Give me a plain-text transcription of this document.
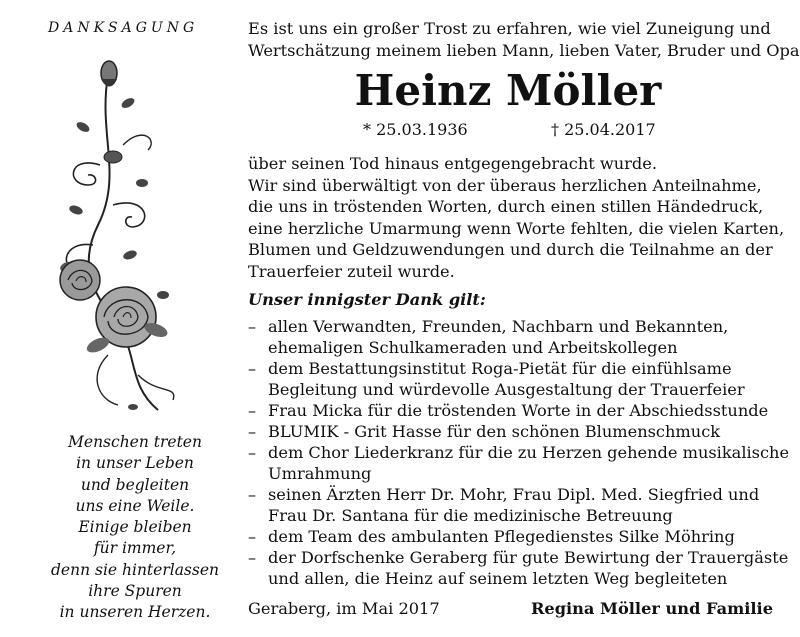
DANKSAGUNG
Menschen treten
in unser Leben
und begleiten
uns eine Weile.
Einige bleiben
für immer,
denn sie hinterlassen
ihre Spuren
in unseren Herzen.
Es ist uns ein großer Trost zu erfahren, wie viel Zuneigung und
Wertschätzung meinem lieben Mann, lieben Vater, Bruder und Opa
Heinz Möller
* 25.03.1936	† 25.04.2017
über seinen Tod hinaus entgegengebracht wurde.
Wir sind überwältigt von der überaus herzlichen Anteilnahme,
die uns in tröstenden Worten, durch einen stillen Händedruck,
eine herzliche Umarmung wenn Worte fehlten, die vielen Karten,
Blumen und Geldzuwendungen und durch die Teilnahme an der
Trauerfeier zuteil wurde.
Unser innigster Dank gilt:
– allen Verwandten, Freunden, Nachbarn und Bekannten,
ehemaligen Schulkameraden und Arbeitskollegen
– dem Bestattungsinstitut Roga-Pietät für die einfühlsame
Begleitung und würdevolle Ausgestaltung der Trauerfeier
– Frau Micka für die tröstenden Worte in der Abschiedsstunde
– BLUMIK - Grit Hasse für den schönen Blumenschmuck
– dem Chor Liederkranz für die zu Herzen gehende musikalische
Umrahmung
– seinen Ärzten Herr Dr. Mohr, Frau Dipl. Med. Siegfried und
Frau Dr. Santana für die medizinische Betreuung
– dem Team des ambulanten Pflegedienstes Silke Möhring
– der Dorfschenke Geraberg für gute Bewirtung der Trauergäste
und allen, die Heinz auf seinem letzten Weg begleiteten
Geraberg, im Mai 2017	Regina Möller und Familie
